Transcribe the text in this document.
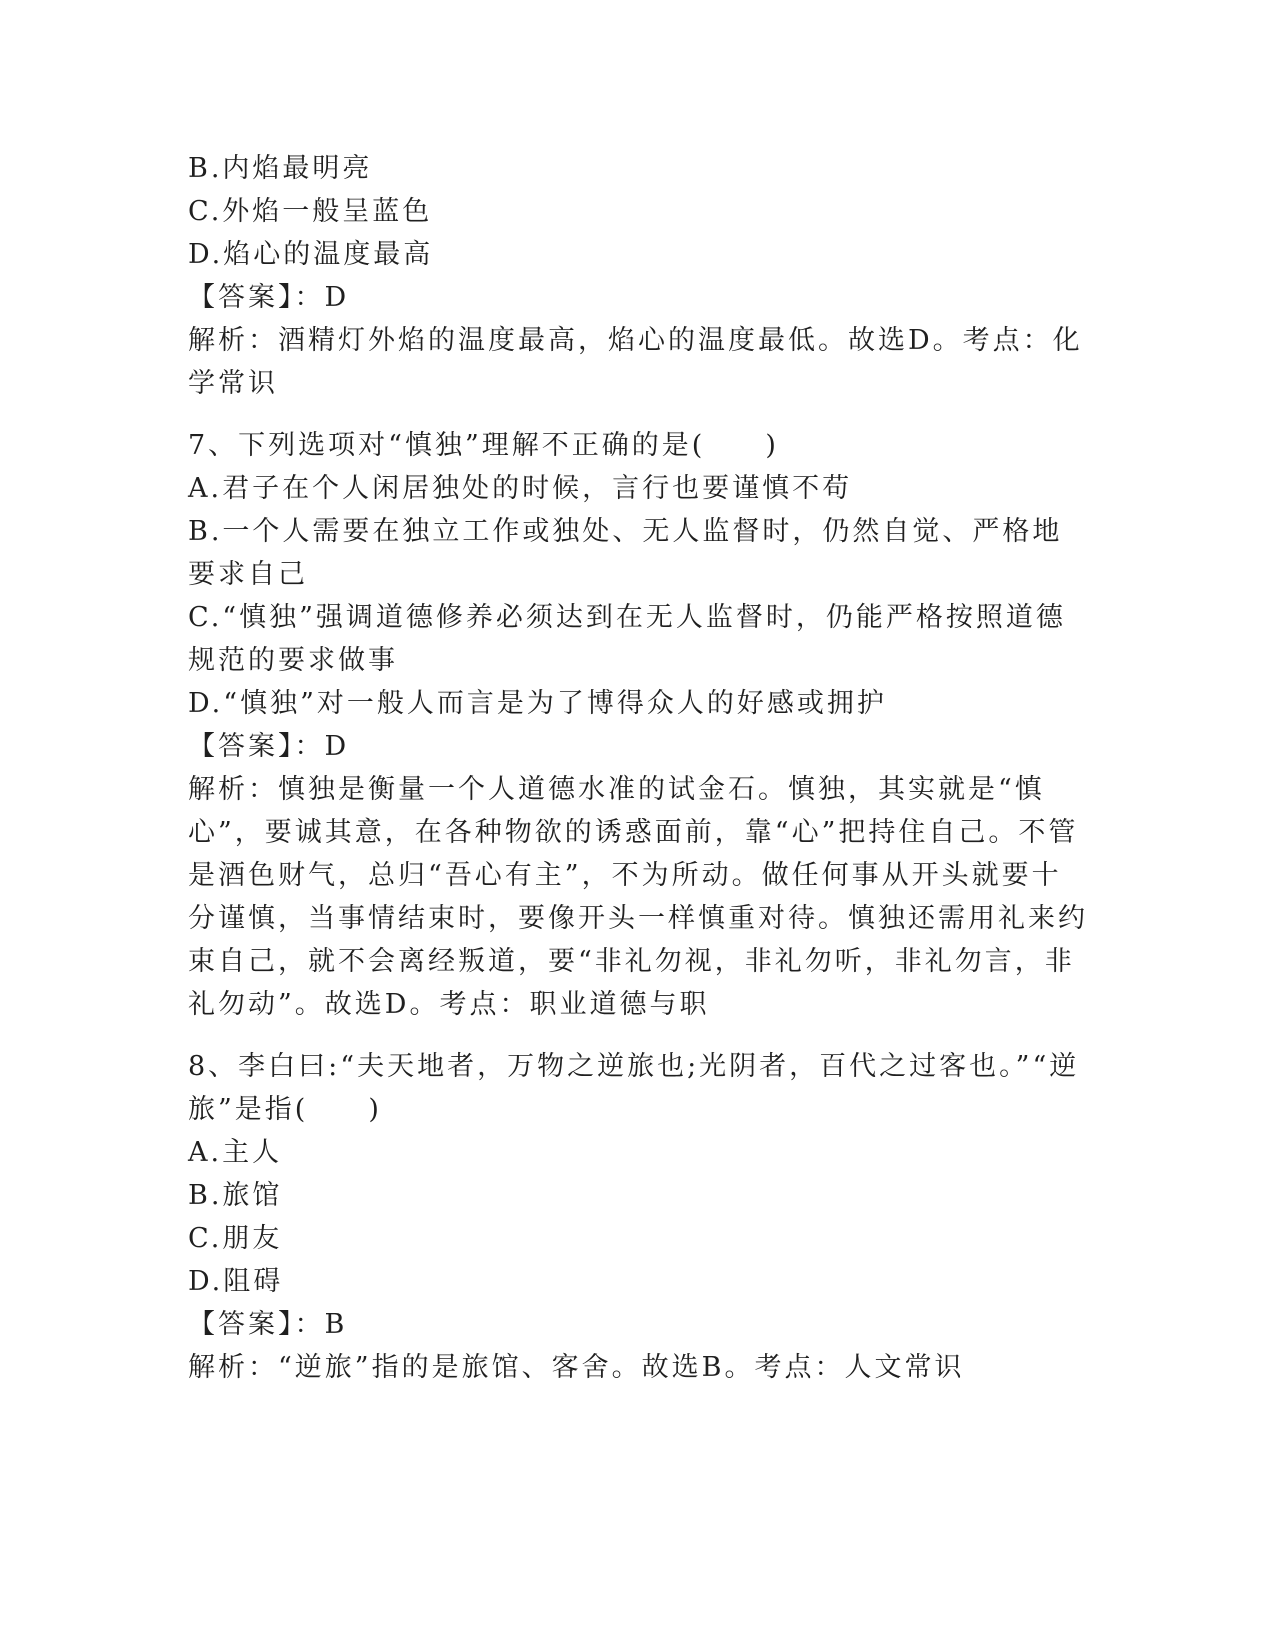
B.内焰最明亮
C.外焰一般呈蓝色
D.焰心的温度最高
【答案】：D
解析：酒精灯外焰的温度最高，焰心的温度最低。故选D。考点：化学常识
7、下列选项对“慎独”理解不正确的是(　　)
A.君子在个人闲居独处的时候，言行也要谨慎不苟
B.一个人需要在独立工作或独处、无人监督时，仍然自觉、严格地要求自己
C.“慎独”强调道德修养必须达到在无人监督时，仍能严格按照道德规范的要求做事
D.“慎独”对一般人而言是为了博得众人的好感或拥护
【答案】：D
解析：慎独是衡量一个人道德水准的试金石。慎独，其实就是“慎心”，要诚其意，在各种物欲的诱惑面前，靠“心”把持住自己。不管是酒色财气，总归“吾心有主”，不为所动。做任何事从开头就要十分谨慎，当事情结束时，要像开头一样慎重对待。慎独还需用礼来约束自己，就不会离经叛道，要“非礼勿视，非礼勿听，非礼勿言，非礼勿动”。故选D。考点：职业道德与职
8、李白曰:“夫天地者，万物之逆旅也;光阴者，百代之过客也。”“逆旅”是指(　　)
A.主人
B.旅馆
C.朋友
D.阻碍
【答案】：B
解析：“逆旅”指的是旅馆、客舍。故选B。考点：人文常识
